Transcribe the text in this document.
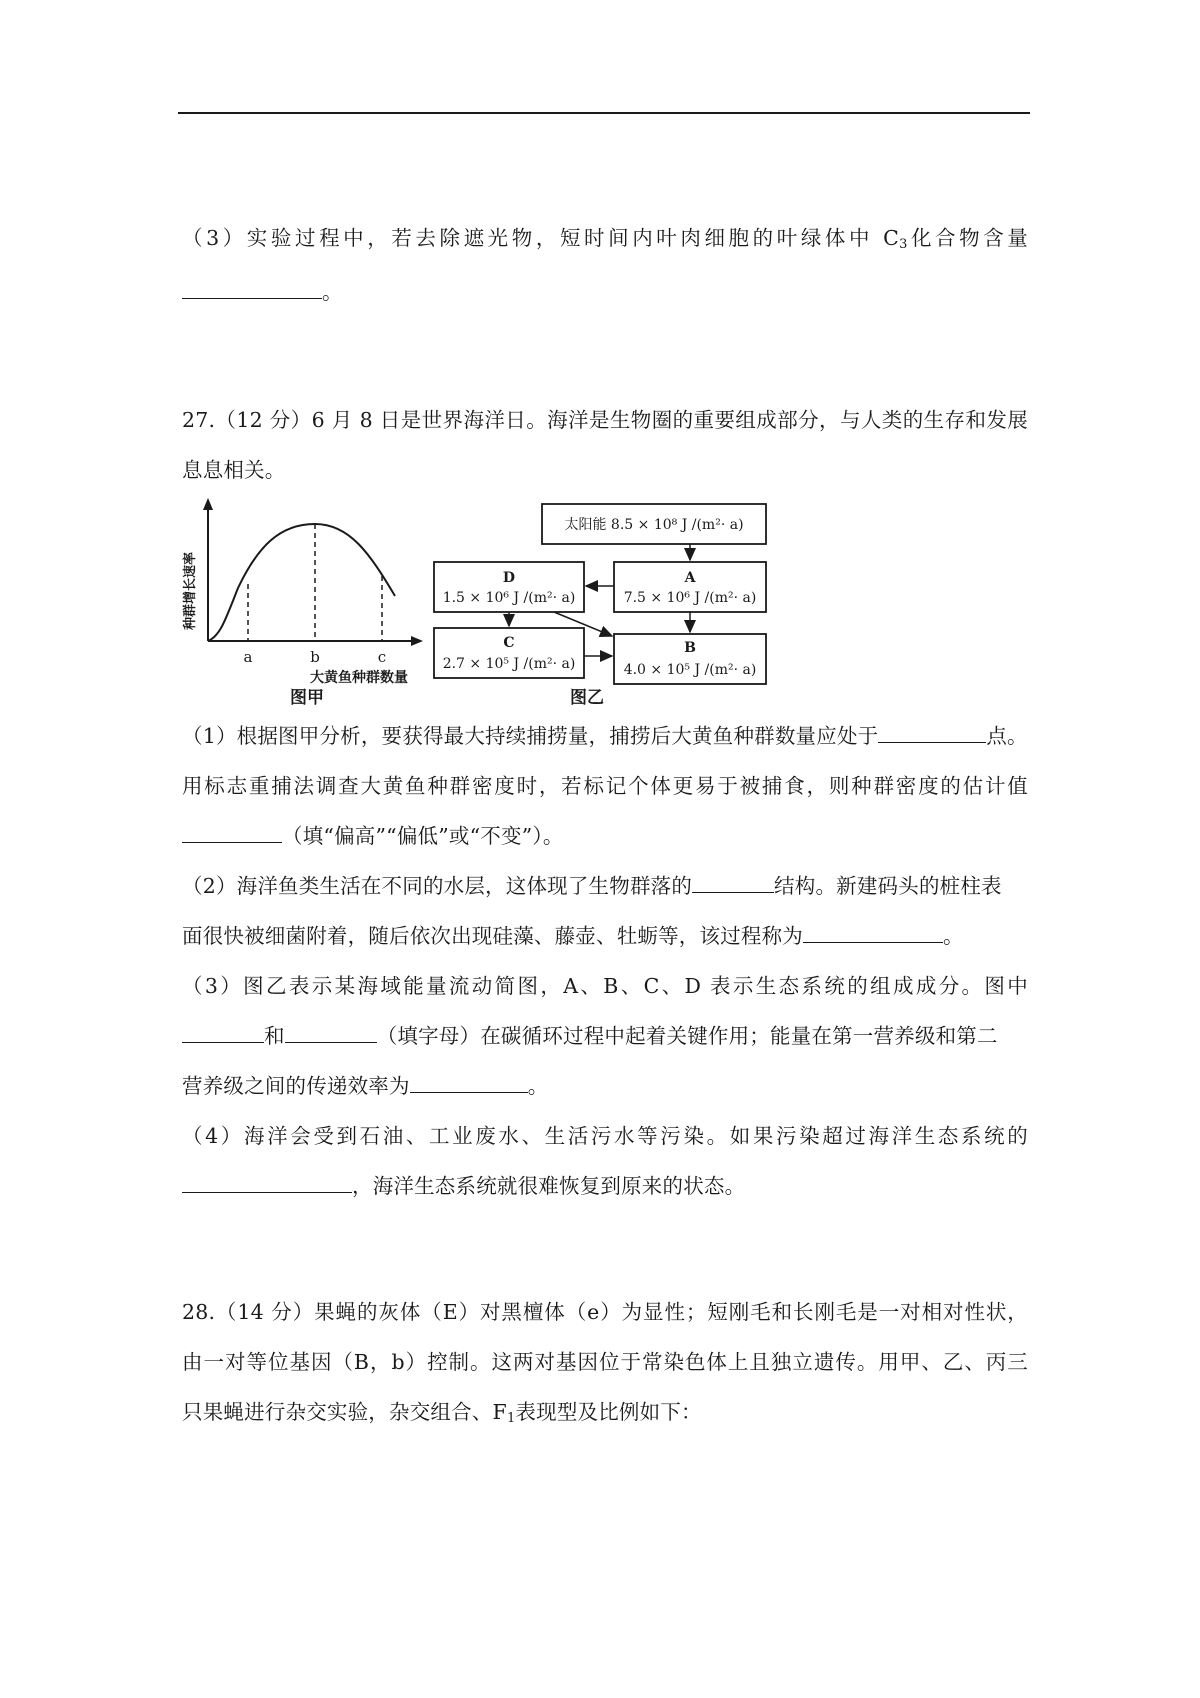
（3）实验过程中，若去除遮光物，短时间内叶肉细胞的叶绿体中 $C_3$化合物含量
。
27.（12 分）6 月 8 日是世界海洋日。海洋是生物圈的重要组成部分，与人类的生存和发展
息息相关。
a	b	c
大黄鱼种群数量
种群增长速率
图甲
太阳能 8.5 × 10⁸ J /(m²· a)
A
7.5 × 10⁶ J /(m²· a)
D
1.5 × 10⁶ J /(m²· a)
C
2.7 × 10⁵ J /(m²· a)
B
4.0 × 10⁵ J /(m²· a)
图乙
（1）根据图甲分析，要获得最大持续捕捞量，捕捞后大黄鱼种群数量应处于	点。
用标志重捕法调查大黄鱼种群密度时，若标记个体更易于被捕食，则种群密度的估计值
（填“偏高”“偏低”或“不变”）。
（2）海洋鱼类生活在不同的水层，这体现了生物群落的	结构。新建码头的桩柱表
面很快被细菌附着，随后依次出现硅藻、藤壶、牡蛎等，该过程称为	。
（3）图乙表示某海域能量流动简图，A、B、C、D 表示生态系统的组成成分。图中
和	（填字母）在碳循环过程中起着关键作用；能量在第一营养级和第二
营养级之间的传递效率为	。
（4）海洋会受到石油、工业废水、生活污水等污染。如果污染超过海洋生态系统的
，海洋生态系统就很难恢复到原来的状态。
28.（14 分）果蝇的灰体（E）对黑檀体（e）为显性；短刚毛和长刚毛是一对相对性状，
由一对等位基因（B，b）控制。这两对基因位于常染色体上且独立遗传。用甲、乙、丙三
只果蝇进行杂交实验，杂交组合、$F_1$表现型及比例如下：
